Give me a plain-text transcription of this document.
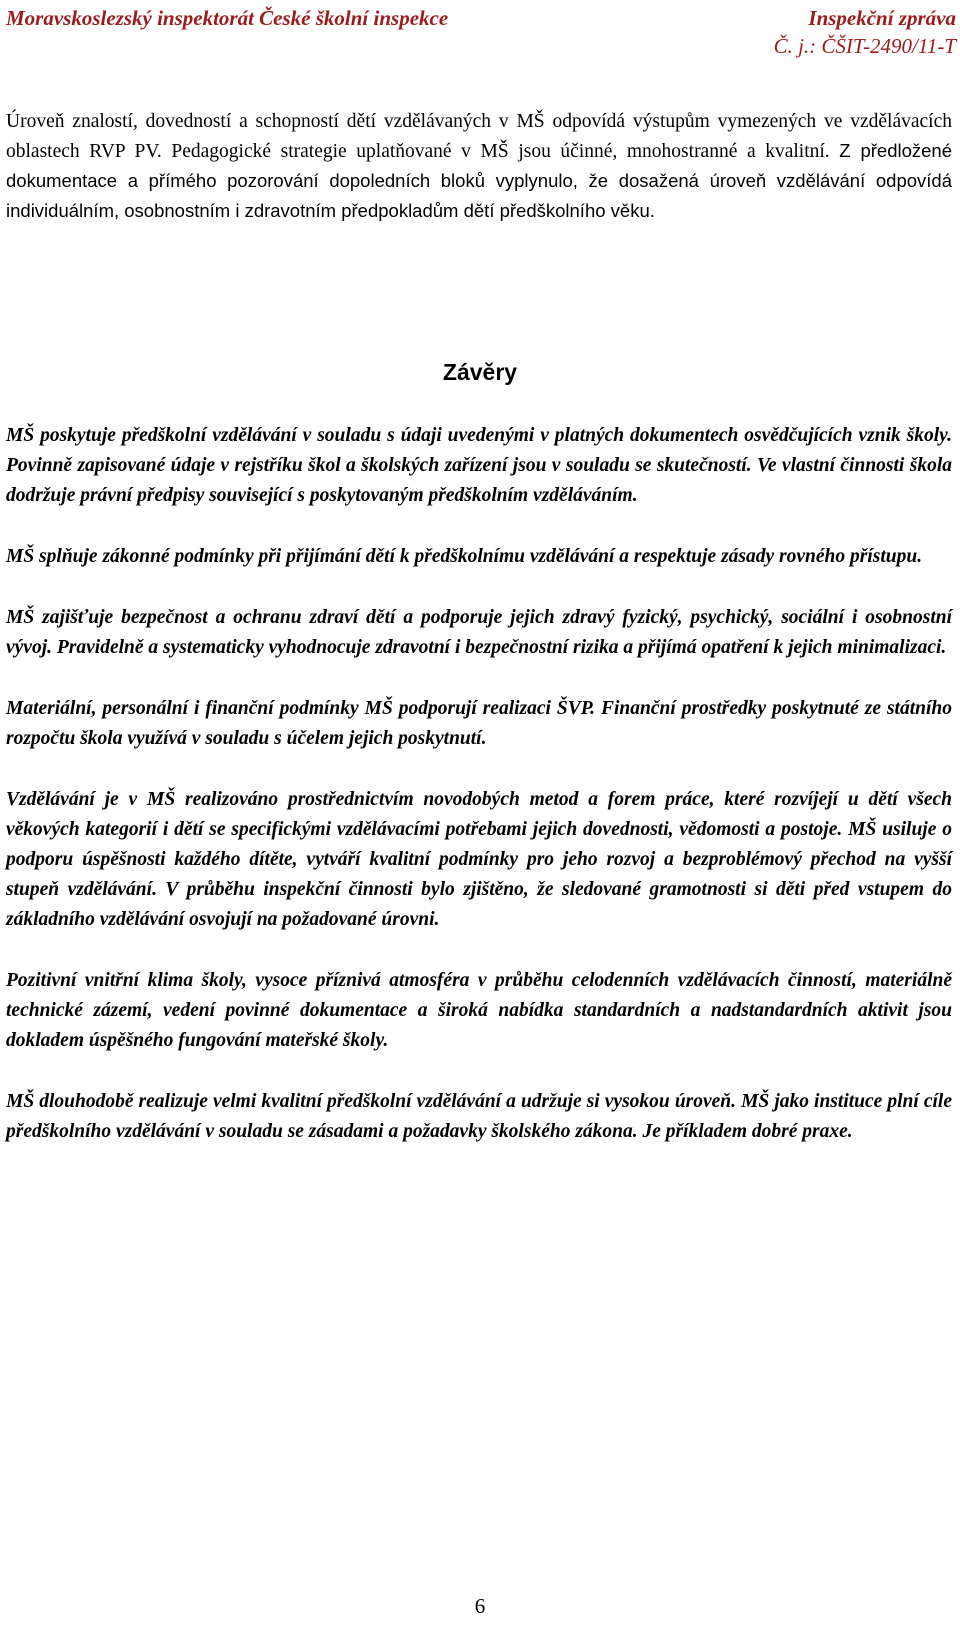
Moravskoslezský inspektorát České školní inspekce	Inspekční zpráva
Č. j.: ČŠIT-2490/11-T

Úroveň znalostí, dovedností a schopností dětí vzdělávaných v MŠ odpovídá výstupům vymezených ve vzdělávacích oblastech RVP PV. Pedagogické strategie uplatňované v MŠ jsou účinné, mnohostranné a kvalitní. Z předložené dokumentace a přímého pozorování dopoledních bloků vyplynulo, že dosažená úroveň vzdělávání odpovídá individuálním, osobnostním i zdravotním předpokladům dětí předškolního věku.

Závěry

MŠ poskytuje předškolní vzdělávání v souladu s údaji uvedenými v platných dokumentech osvědčujících vznik školy. Povinně zapisované údaje v rejstříku škol a školských zařízení jsou v souladu se skutečností. Ve vlastní činnosti škola dodržuje právní předpisy související s poskytovaným předškolním vzděláváním.

MŠ splňuje zákonné podmínky při přijímání dětí k předškolnímu vzdělávání a respektuje zásady rovného přístupu.

MŠ zajišťuje bezpečnost a ochranu zdraví dětí a podporuje jejich zdravý fyzický, psychický, sociální i osobnostní vývoj. Pravidelně a systematicky vyhodnocuje zdravotní i bezpečnostní rizika a přijímá opatření k jejich minimalizaci.

Materiální, personální i finanční podmínky MŠ podporují realizaci ŠVP. Finanční prostředky poskytnuté ze státního rozpočtu škola využívá v souladu s účelem jejich poskytnutí.

Vzdělávání je v MŠ realizováno prostřednictvím novodobých metod a forem práce, které rozvíjejí u dětí všech věkových kategorií i dětí se specifickými vzdělávacími potřebami jejich dovednosti, vědomosti a postoje. MŠ usiluje o podporu úspěšnosti každého dítěte, vytváří kvalitní podmínky pro jeho rozvoj a bezproblémový přechod na vyšší stupeň vzdělávání. V průběhu inspekční činnosti bylo zjištěno, že sledované gramotnosti si děti před vstupem do základního vzdělávání osvojují na požadované úrovni.

Pozitivní vnitřní klima školy, vysoce příznivá atmosféra v průběhu celodenních vzdělávacích činností, materiálně technické zázemí, vedení povinné dokumentace a široká nabídka standardních a nadstandardních aktivit jsou dokladem úspěšného fungování mateřské školy.

MŠ dlouhodobě realizuje velmi kvalitní předškolní vzdělávání a udržuje si vysokou úroveň. MŠ jako instituce plní cíle předškolního vzdělávání v souladu se zásadami a požadavky školského zákona. Je příkladem dobré praxe.

6
